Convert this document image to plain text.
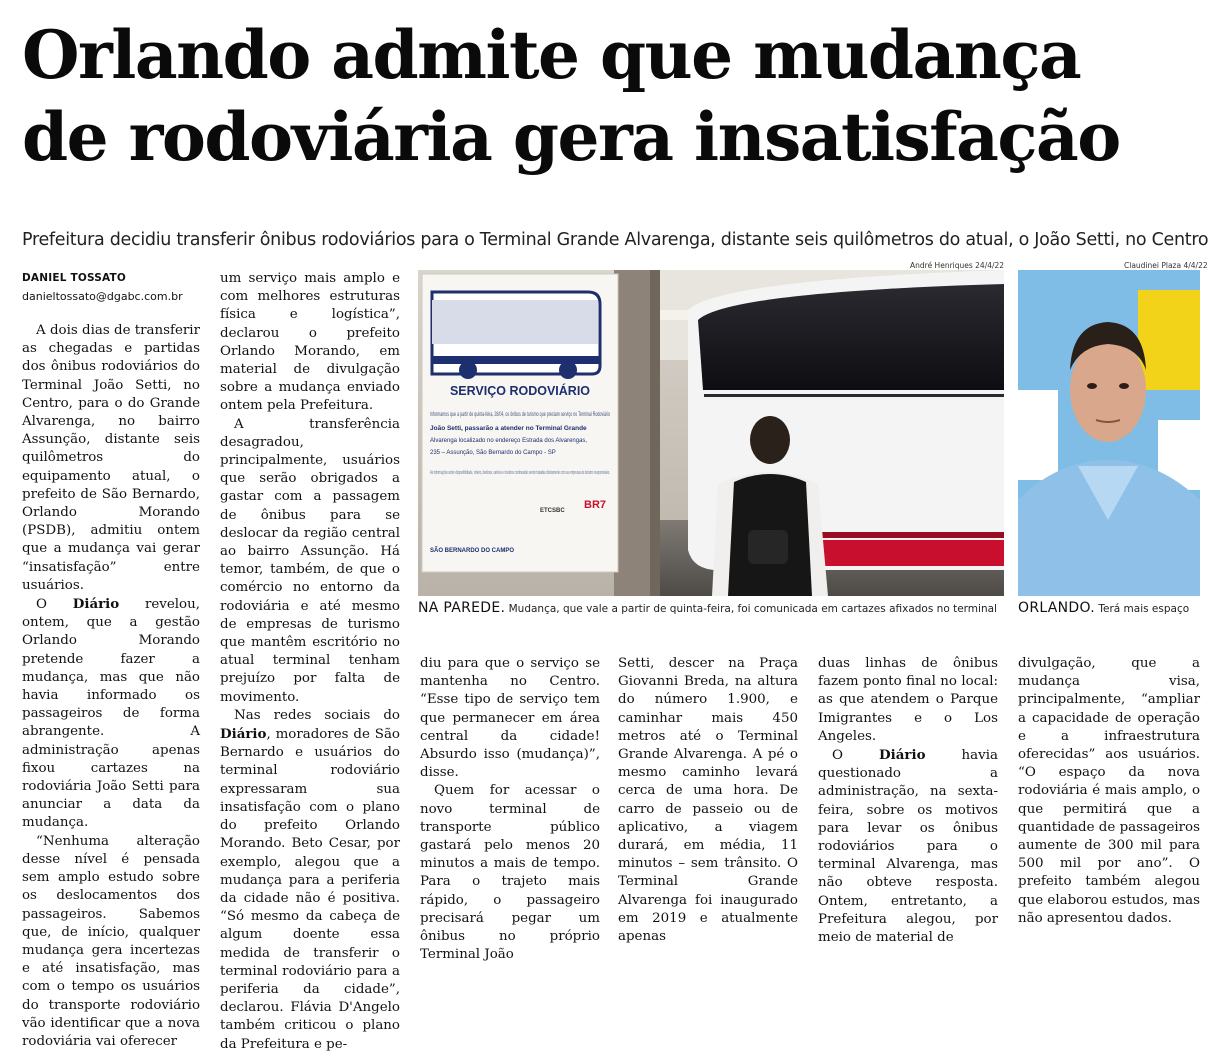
Orlando admite que mudança
de rodoviária gera insatisfação

Prefeitura decidiu transferir ônibus rodoviários para o Terminal Grande Alvarenga, distante seis quilômetros do atual, o João Setti, no Centro

DANIEL TOSSATO
danieltossato@dgabc.com.br

A dois dias de transferir as chegadas e partidas dos ônibus rodoviários do Terminal João Setti, no Centro, para o do Grande Alvarenga, no bairro Assunção, distante seis quilômetros do equipamento atual, o prefeito de São Bernardo, Orlando Morando (PSDB), admitiu ontem que a mudança vai gerar “insatisfação” entre usuários.

O Diário revelou, ontem, que a gestão Orlando Morando pretende fazer a mudança, mas que não havia informado os passageiros de forma abrangente. A administração apenas fixou cartazes na rodoviária João Setti para anunciar a data da mudança.

“Nenhuma alteração desse nível é pensada sem amplo estudo sobre os deslocamentos dos passageiros. Sabemos que, de início, qualquer mudança gera incertezas e até insatisfação, mas com o tempo os usuários do transporte rodoviário vão identificar que a nova rodoviária vai oferecer

um serviço mais amplo e com melhores estruturas física e logística”, declarou o prefeito Orlando Morando, em material de divulgação sobre a mudança enviado ontem pela Prefeitura.

A transferência desagradou, principalmente, usuários que serão obrigados a gastar com a passagem de ônibus para se deslocar da região central ao bairro Assunção. Há temor, também, de que o comércio no entorno da rodoviária e até mesmo de empresas de turismo que mantêm escritório no atual terminal tenham prejuízo por falta de movimento.

Nas redes sociais do Diário, moradores de São Bernardo e usuários do terminal rodoviário expressaram sua insatisfação com o plano do prefeito Orlando Morando. Beto Cesar, por exemplo, alegou que a mudança para a periferia da cidade não é positiva. “Só mesmo da cabeça de algum doente essa medida de transferir o terminal rodoviário para a periferia da cidade”, declarou. Flávia D'Angelo também criticou o plano da Prefeitura e pe-

André Henriques 24/4/22
SERVIÇO RODOVIÁRIO
Informamos que a partir de quinta-feira, 28/04, os ônibus de turismo que prestam serviço no Terminal Rodoviário
João Setti, passarão a atender no Terminal Grande
Alvarenga localizado no endereço Estrada dos Alvarengas,
235 – Assunção, São Bernardo do Campo - SP
As informações sobre disponibilidade, roteiro, destinos, valores e horários continuarão sendo tratadas diretamente com as empresas de turismo responsáveis.
SÃO BERNARDO DO CAMPO
ETCSBC BR7
NA PAREDE. Mudança, que vale a partir de quinta-feira, foi comunicada em cartazes afixados no terminal
Claudinei Plaza 4/4/22
ORLANDO. Terá mais espaço

diu para que o serviço se mantenha no Centro. “Esse tipo de serviço tem que permanecer em área central da cidade! Absurdo isso (mudança)”, disse.

Quem for acessar o novo terminal de transporte público gastará pelo menos 20 minutos a mais de tempo. Para o trajeto mais rápido, o passageiro precisará pegar um ônibus no próprio Terminal João

Setti, descer na Praça Giovanni Breda, na altura do número 1.900, e caminhar mais 450 metros até o Terminal Grande Alvarenga. A pé o mesmo caminho levará cerca de uma hora. De carro de passeio ou de aplicativo, a viagem durará, em média, 11 minutos – sem trânsito. O Terminal Grande Alvarenga foi inaugurado em 2019 e atualmente apenas

duas linhas de ônibus fazem ponto final no local: as que atendem o Parque Imigrantes e o Los Angeles.

O Diário havia questionado a administração, na sexta-feira, sobre os motivos para levar os ônibus rodoviários para o terminal Alvarenga, mas não obteve resposta. Ontem, entretanto, a Prefeitura alegou, por meio de material de

divulgação, que a mudança visa, principalmente, “ampliar a capacidade de operação e a infraestrutura oferecidas” aos usuários. “O espaço da nova rodoviária é mais amplo, o que permitirá que a quantidade de passageiros aumente de 300 mil para 500 mil por ano”. O prefeito também alegou que elaborou estudos, mas não apresentou dados.
